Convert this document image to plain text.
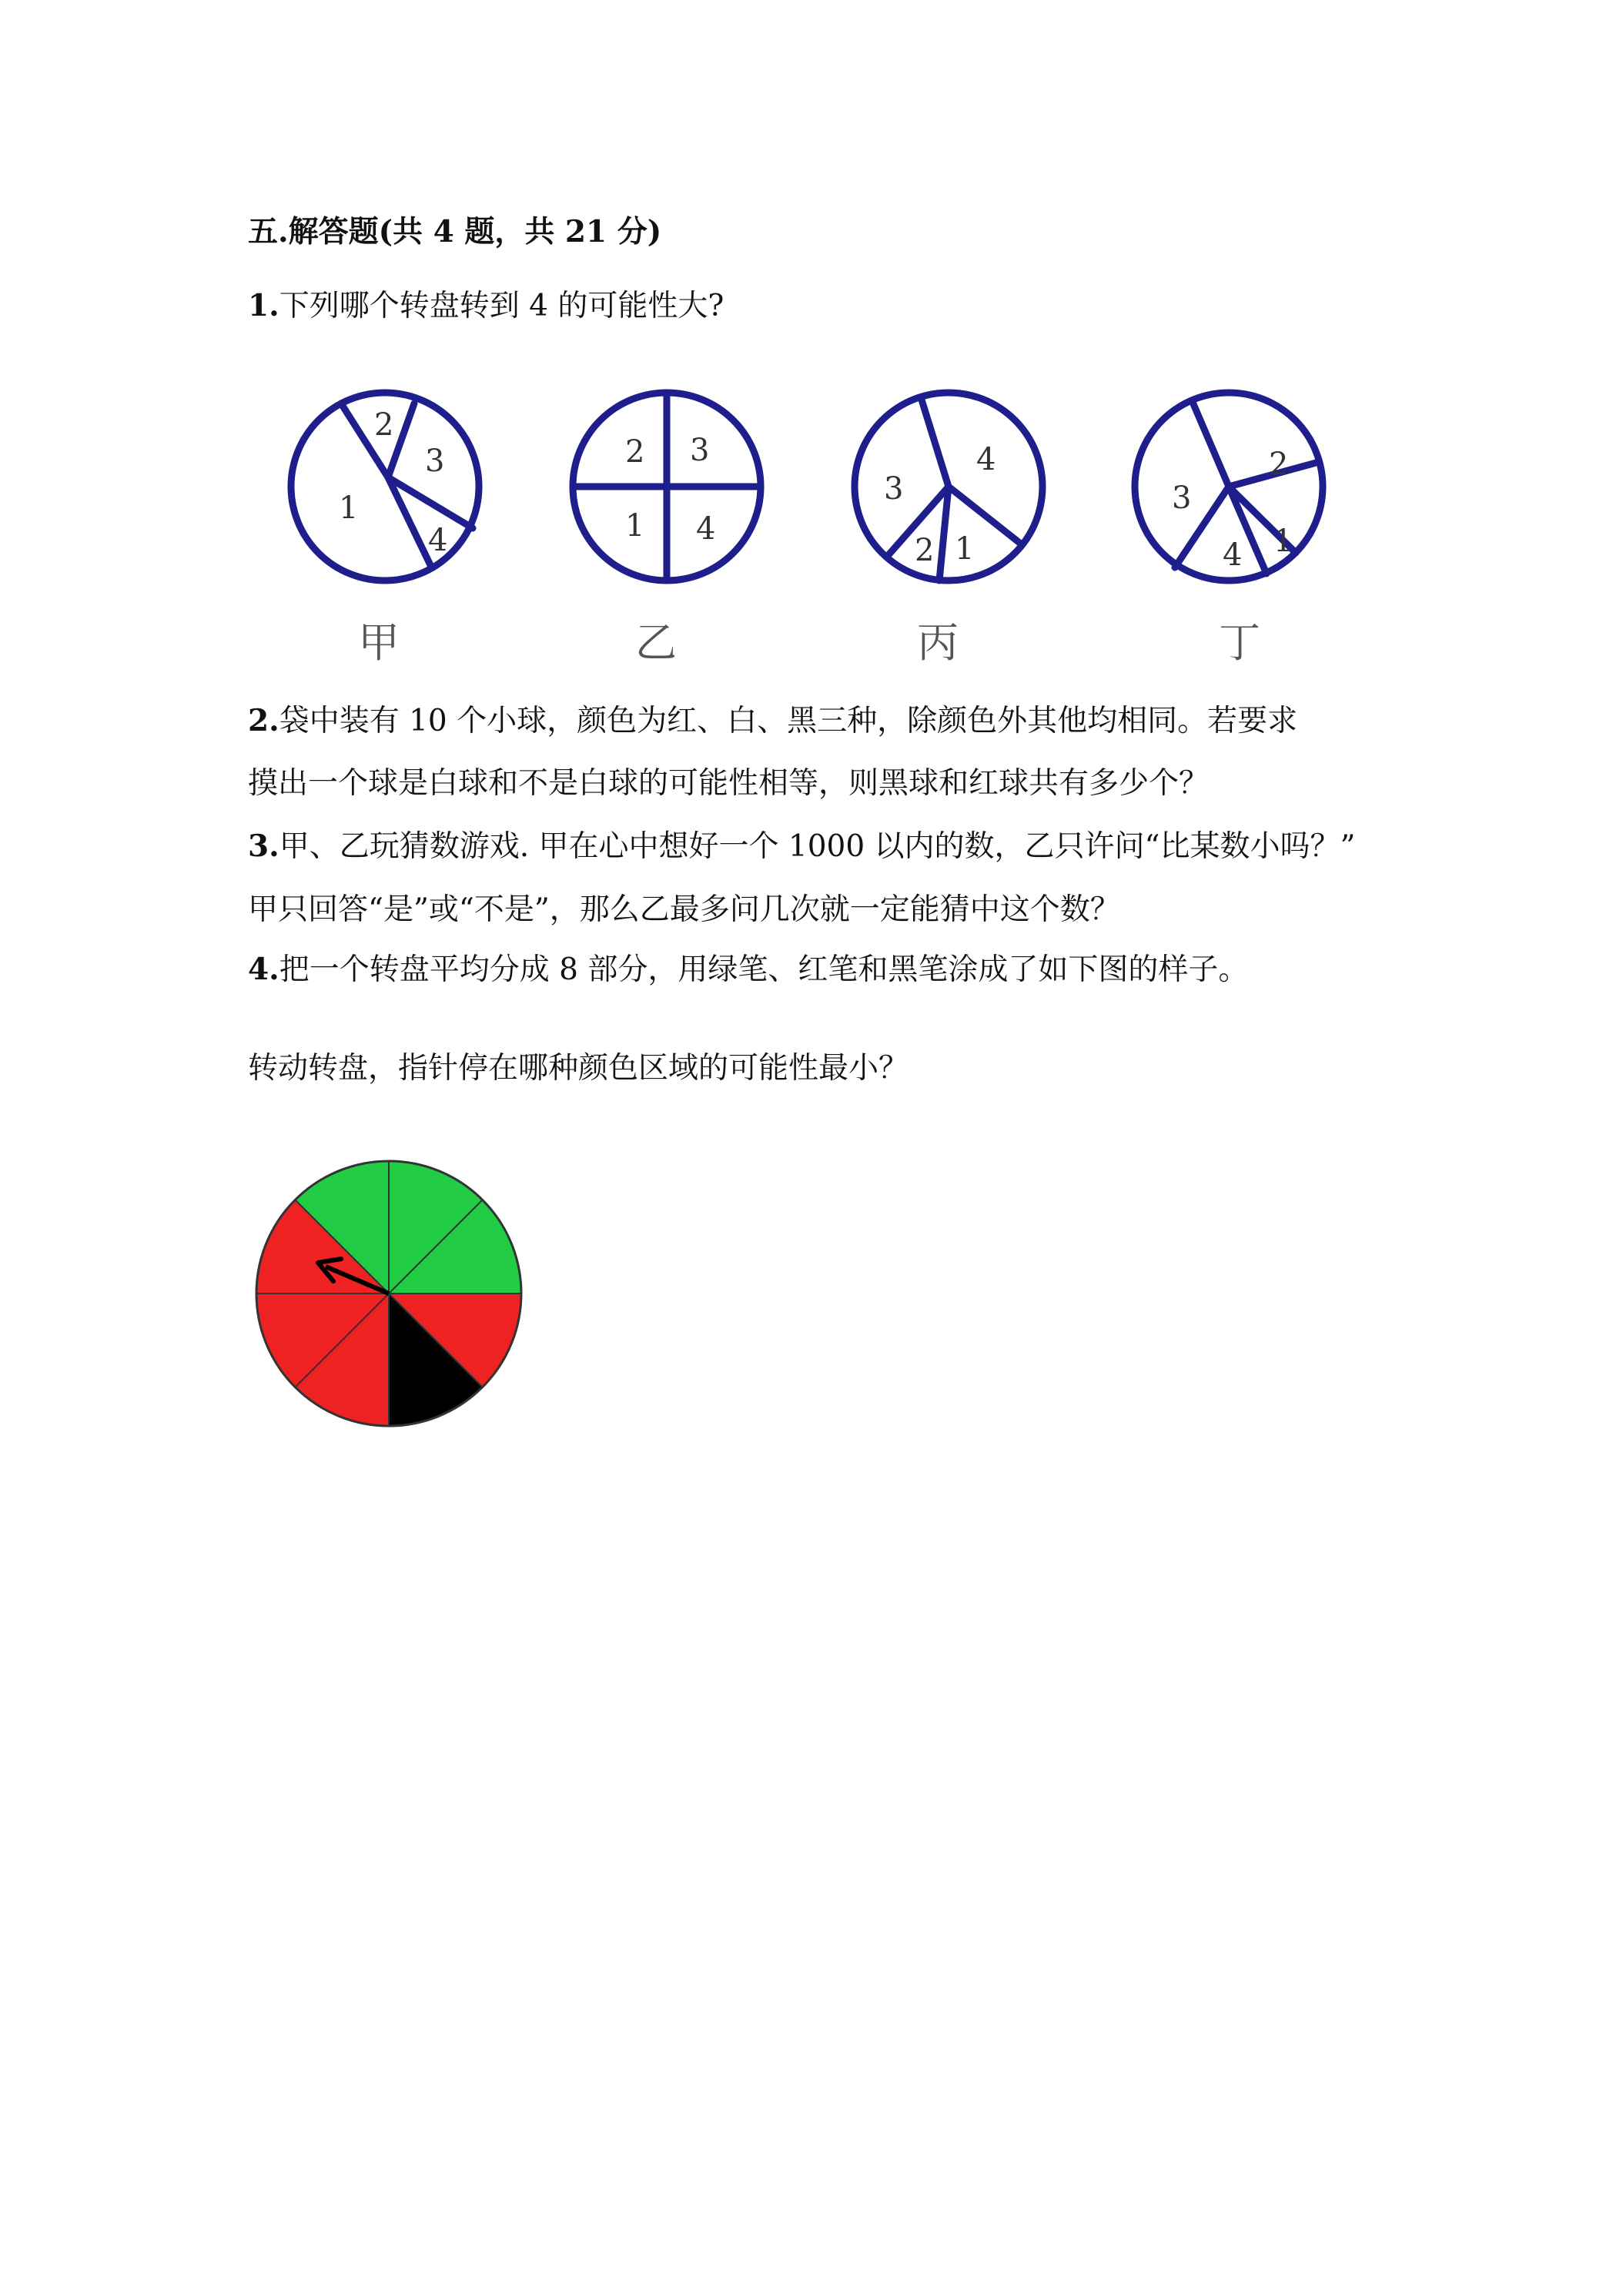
五.解答题(共 4 题，共 21 分)
1.下列哪个转盘转到 4 的可能性大?
2
3
1
4
2 3
1 4
4
3
2 1
2
3
4 1
甲	乙	丙	丁
2.袋中装有 10 个小球，颜色为红、白、黑三种，除颜色外其他均相同。若要求
摸出一个球是白球和不是白球的可能性相等，则黑球和红球共有多少个？
3.甲、乙玩猜数游戏. 甲在心中想好一个 1000 以内的数，乙只许问“比某数小吗？”
甲只回答“是”或“不是”，那么乙最多问几次就一定能猜中这个数？
4.把一个转盘平均分成 8 部分，用绿笔、红笔和黑笔涂成了如下图的样子。
转动转盘，指针停在哪种颜色区域的可能性最小？
